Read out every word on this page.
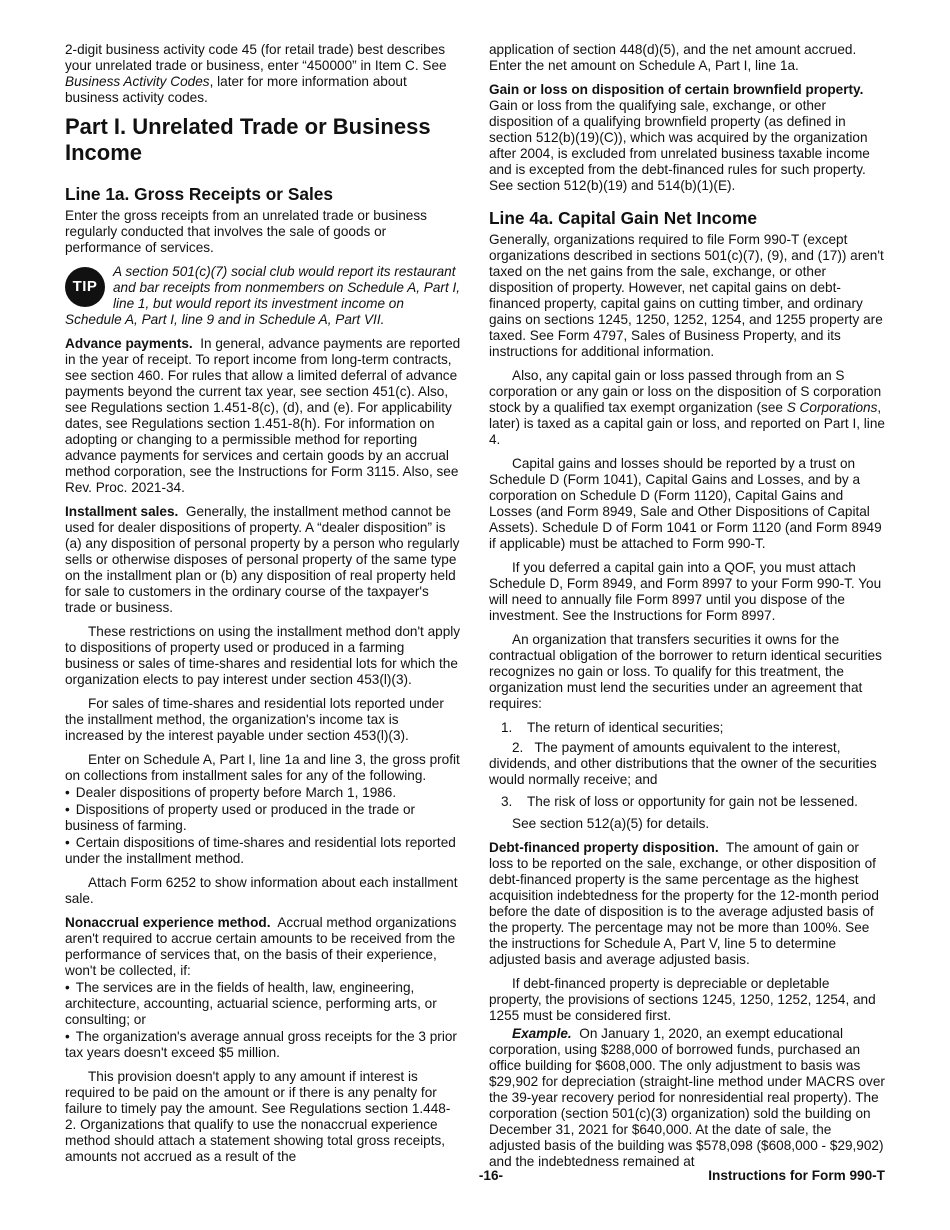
2-digit business activity code 45 (for retail trade) best describes your unrelated trade or business, enter “450000” in Item C. See Business Activity Codes, later for more information about business activity codes.

Part I. Unrelated Trade or Business Income
Line 1a. Gross Receipts or Sales

Enter the gross receipts from an unrelated trade or business regularly conducted that involves the sale of goods or performance of services.

TIP
A section 501(c)(7) social club would report its restaurant and bar receipts from nonmembers on Schedule A, Part I, line 1, but would report its investment income on Schedule A, Part I, line 9 and in Schedule A, Part VII.

Advance payments. In general, advance payments are reported in the year of receipt. To report income from long-term contracts, see section 460. For rules that allow a limited deferral of advance payments beyond the current tax year, see section 451(c). Also, see Regulations section 1.451-8(c), (d), and (e). For applicability dates, see Regulations section 1.451-8(h). For information on adopting or changing to a permissible method for reporting advance payments for services and certain goods by an accrual method corporation, see the Instructions for Form 3115. Also, see Rev. Proc. 2021-34.

Installment sales. Generally, the installment method cannot be used for dealer dispositions of property. A “dealer disposition” is (a) any disposition of personal property by a person who regularly sells or otherwise disposes of personal property of the same type on the installment plan or (b) any disposition of real property held for sale to customers in the ordinary course of the taxpayer's trade or business.

These restrictions on using the installment method don't apply to dispositions of property used or produced in a farming business or sales of time-shares and residential lots for which the organization elects to pay interest under section 453(l)(3).

For sales of time-shares and residential lots reported under the installment method, the organization's income tax is increased by the interest payable under section 453(l)(3).

Enter on Schedule A, Part I, line 1a and line 3, the gross profit on collections from installment sales for any of the following.

• Dealer dispositions of property before March 1, 1986.
• Dispositions of property used or produced in the trade or business of farming.
• Certain dispositions of time-shares and residential lots reported under the installment method.

Attach Form 6252 to show information about each installment sale.

Nonaccrual experience method. Accrual method organizations aren't required to accrue certain amounts to be received from the performance of services that, on the basis of their experience, won't be collected, if:

• The services are in the fields of health, law, engineering, architecture, accounting, actuarial science, performing arts, or consulting; or
• The organization's average annual gross receipts for the 3 prior tax years doesn't exceed $5 million.

This provision doesn't apply to any amount if interest is required to be paid on the amount or if there is any penalty for failure to timely pay the amount. See Regulations section 1.448-2. Organizations that qualify to use the nonaccrual experience method should attach a statement showing total gross receipts, amounts not accrued as a result of the

application of section 448(d)(5), and the net amount accrued. Enter the net amount on Schedule A, Part I, line 1a.

Gain or loss on disposition of certain brownfield property. Gain or loss from the qualifying sale, exchange, or other disposition of a qualifying brownfield property (as defined in section 512(b)(19)(C)), which was acquired by the organization after 2004, is excluded from unrelated business taxable income and is excepted from the debt-financed rules for such property. See section 512(b)(19) and 514(b)(1)(E).

Line 4a. Capital Gain Net Income

Generally, organizations required to file Form 990-T (except organizations described in sections 501(c)(7), (9), and (17)) aren't taxed on the net gains from the sale, exchange, or other disposition of property. However, net capital gains on debt-financed property, capital gains on cutting timber, and ordinary gains on sections 1245, 1250, 1252, 1254, and 1255 property are taxed. See Form 4797, Sales of Business Property, and its instructions for additional information.

Also, any capital gain or loss passed through from an S corporation or any gain or loss on the disposition of S corporation stock by a qualified tax exempt organization (see S Corporations, later) is taxed as a capital gain or loss, and reported on Part I, line 4.

Capital gains and losses should be reported by a trust on Schedule D (Form 1041), Capital Gains and Losses, and by a corporation on Schedule D (Form 1120), Capital Gains and Losses (and Form 8949, Sale and Other Dispositions of Capital Assets). Schedule D of Form 1041 or Form 1120 (and Form 8949 if applicable) must be attached to Form 990-T.

If you deferred a capital gain into a QOF, you must attach Schedule D, Form 8949, and Form 8997 to your Form 990-T. You will need to annually file Form 8997 until you dispose of the investment. See the Instructions for Form 8997.

An organization that transfers securities it owns for the contractual obligation of the borrower to return identical securities recognizes no gain or loss. To qualify for this treatment, the organization must lend the securities under an agreement that requires:

1. The return of identical securities;

2. The payment of amounts equivalent to the interest, dividends, and other distributions that the owner of the securities would normally receive; and

3. The risk of loss or opportunity for gain not be lessened.

See section 512(a)(5) for details.

Debt-financed property disposition. The amount of gain or loss to be reported on the sale, exchange, or other disposition of debt-financed property is the same percentage as the highest acquisition indebtedness for the property for the 12-month period before the date of disposition is to the average adjusted basis of the property. The percentage may not be more than 100%. See the instructions for Schedule A, Part V, line 5 to determine adjusted basis and average adjusted basis.

If debt-financed property is depreciable or depletable property, the provisions of sections 1245, 1250, 1252, 1254, and 1255 must be considered first.

Example. On January 1, 2020, an exempt educational corporation, using $288,000 of borrowed funds, purchased an office building for $608,000. The only adjustment to basis was $29,902 for depreciation (straight-line method under MACRS over the 39-year recovery period for nonresidential real property). The corporation (section 501(c)(3) organization) sold the building on December 31, 2021 for $640,000. At the date of sale, the adjusted basis of the building was $578,098 ($608,000 - $29,902) and the indebtedness remained at

-16-	Instructions for Form 990-T
